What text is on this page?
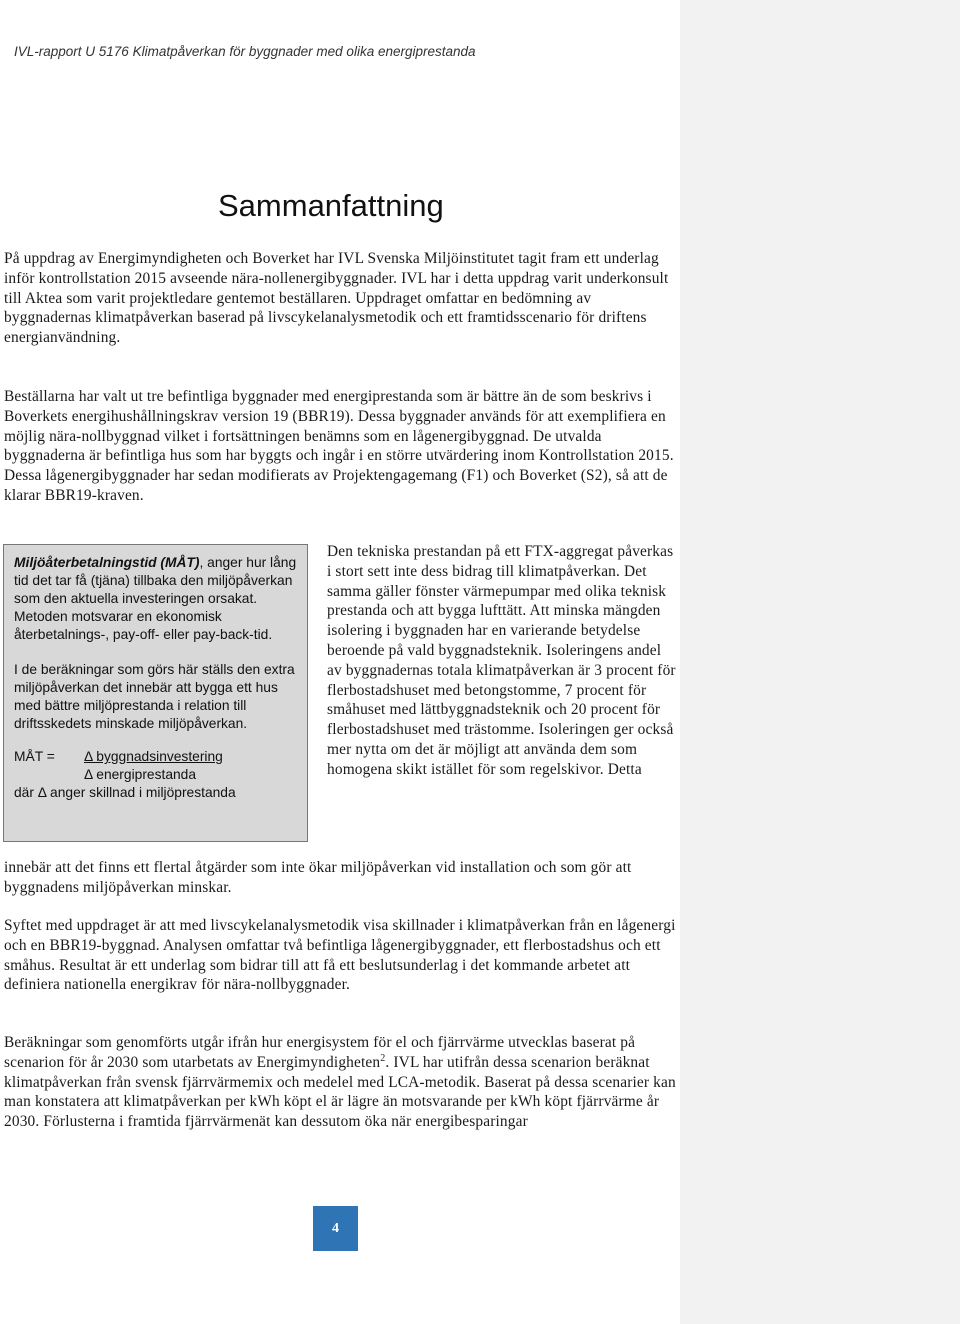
IVL-rapport U 5176 Klimatpåverkan för byggnader med olika energiprestanda
Sammanfattning

På uppdrag av Energimyndigheten och Boverket har IVL Svenska Miljöinstitutet tagit fram ett underlag inför kontrollstation 2015 avseende nära-nollenergibyggnader. IVL har i detta uppdrag varit underkonsult till Aktea som varit projektledare gentemot beställaren. Uppdraget omfattar en bedömning av byggnadernas klimatpåverkan baserad på livscykelanalysmetodik och ett framtidsscenario för driftens energianvändning.

Beställarna har valt ut tre befintliga byggnader med energiprestanda som är bättre än de som beskrivs i Boverkets energihushållningskrav version 19 (BBR19). Dessa byggnader används för att exemplifiera en möjlig nära-nollbyggnad vilket i fortsättningen benämns som en lågenergibyggnad. De utvalda byggnaderna är befintliga hus som har byggts och ingår i en större utvärdering inom Kontrollstation 2015. Dessa lågenergibyggnader har sedan modifierats av Projektengagemang (F1) och Boverket (S2), så att de klarar BBR19-kraven.

Miljöåterbetalningstid (MÅT), anger hur lång tid det tar få (tjäna) tillbaka den miljöpåverkan som den aktuella investeringen orsakat. Metoden motsvarar en ekonomisk återbetalnings-, pay-off- eller pay-back-tid.

I de beräkningar som görs här ställs den extra miljöpåverkan det innebär att bygga ett hus med bättre miljöprestanda i relation till driftsskedets minskade miljöpåverkan.

MÅT =	Δ byggnadsinvestering
Δ energiprestanda
där Δ anger skillnad i miljöprestanda

Den tekniska prestandan på ett FTX-aggregat påverkas i stort sett inte dess bidrag till klimatpåverkan. Det samma gäller fönster värmepumpar med olika teknisk prestanda och att bygga lufttätt. Att minska mängden isolering i byggnaden har en varierande betydelse beroende på vald byggnadsteknik. Isoleringens andel av byggnadernas totala klimatpåverkan är 3 procent för flerbostadshuset med betongstomme, 7 procent för småhuset med lättbyggnadsteknik och 20 procent för flerbostadshuset med trästomme. Isoleringen ger också mer nytta om det är möjligt att använda dem som homogena skikt istället för som regelskivor. Detta

innebär att det finns ett flertal åtgärder som inte ökar miljöpåverkan vid installation och som gör att byggnadens miljöpåverkan minskar.

Syftet med uppdraget är att med livscykelanalysmetodik visa skillnader i klimatpåverkan från en lågenergi och en BBR19-byggnad. Analysen omfattar två befintliga lågenergibyggnader, ett flerbostadshus och ett småhus. Resultat är ett underlag som bidrar till att få ett beslutsunderlag i det kommande arbetet att definiera nationella energikrav för nära-nollbyggnader.

Beräkningar som genomförts utgår ifrån hur energisystem för el och fjärrvärme utvecklas baserat på scenarion för år 2030 som utarbetats av Energimyndigheten$^2$. IVL har utifrån dessa scenarion beräknat klimatpåverkan från svensk fjärrvärmemix och medelel med LCA-metodik. Baserat på dessa scenarier kan man konstatera att klimatpåverkan per kWh köpt el är lägre än motsvarande per kWh köpt fjärrvärme år 2030. Förlusterna i framtida fjärrvärmenät kan dessutom öka när energibesparingar

4
